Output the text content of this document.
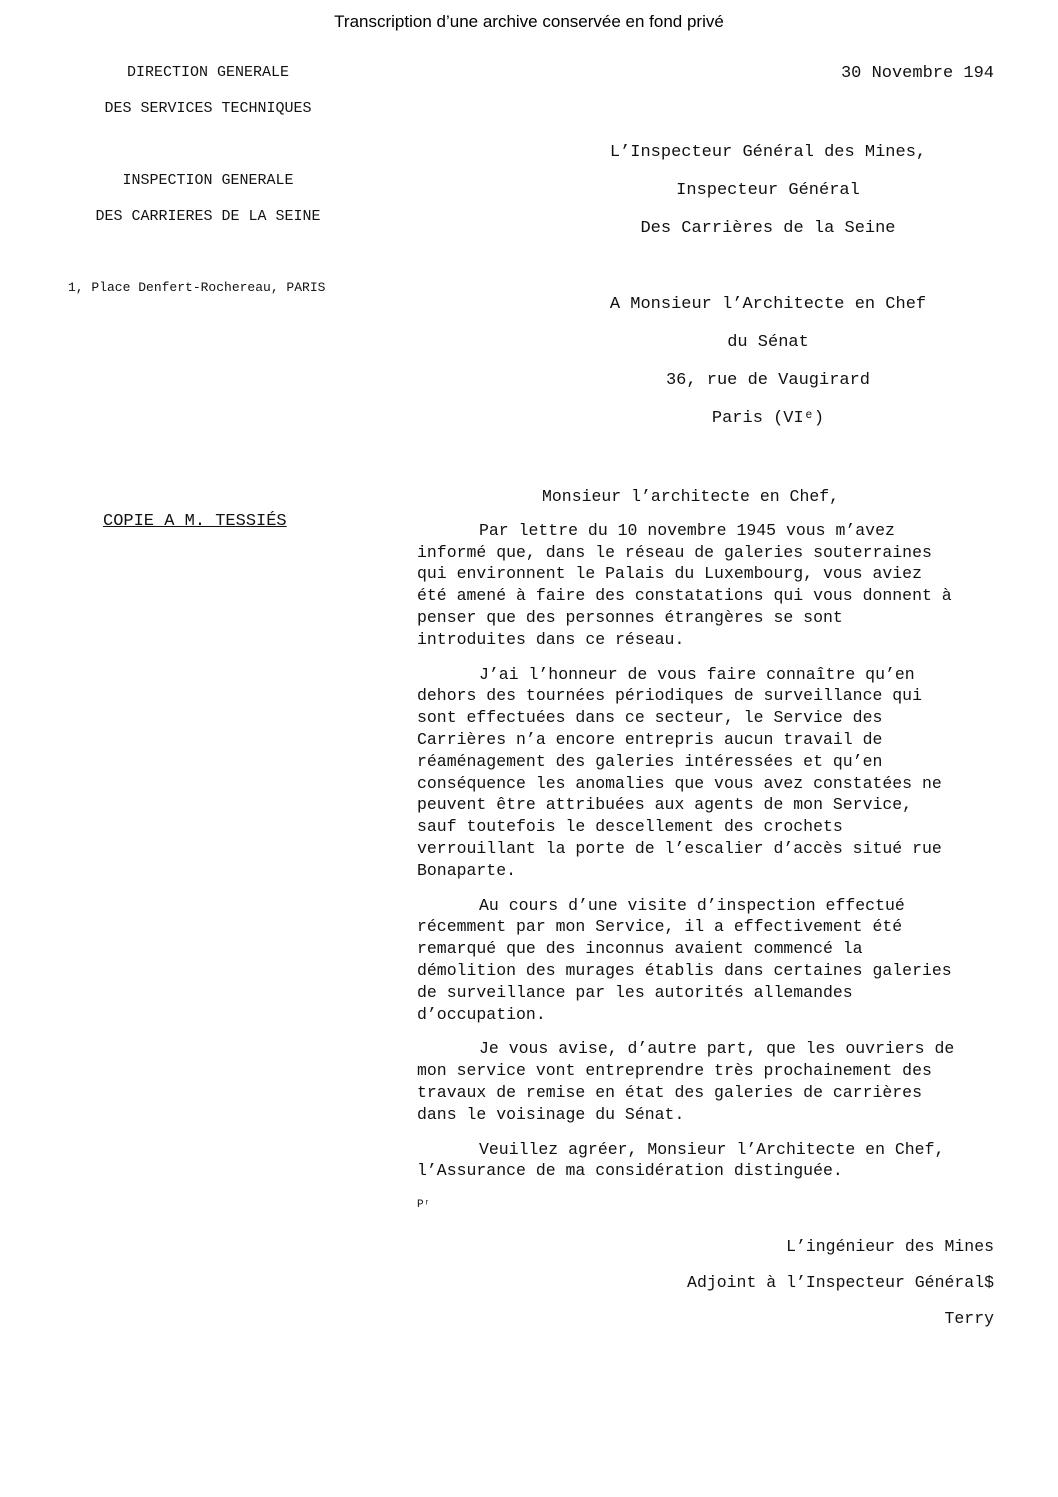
Transcription d’une archive conservée en fond privé
DIRECTION GENERALE
DES SERVICES TECHNIQUES
INSPECTION GENERALE
DES CARRIERES DE LA SEINE
1, Place Denfert-Rochereau, PARIS
30 Novembre 194
L’Inspecteur Général des Mines,
Inspecteur Général
Des Carrières de la Seine
A Monsieur l’Architecte en Chef
du Sénat
36, rue de Vaugirard
Paris (VIᵉ)
COPIE A M. TESSIÉS
Monsieur l’architecte en Chef,

Par lettre du 10 novembre 1945 vous m’avez
informé que, dans le réseau de galeries souterraines
qui environnent le Palais du Luxembourg, vous aviez
été amené à faire des constatations qui vous donnent à
penser que des personnes étrangères se sont
introduites dans ce réseau.

J’ai l’honneur de vous faire connaître qu’en
dehors des tournées périodiques de surveillance qui
sont effectuées dans ce secteur, le Service des
Carrières n’a encore entrepris aucun travail de
réaménagement des galeries intéressées et qu’en
conséquence les anomalies que vous avez constatées ne
peuvent être attribuées aux agents de mon Service,
sauf toutefois le descellement des crochets
verrouillant la porte de l’escalier d’accès situé rue
Bonaparte.

Au cours d’une visite d’inspection effectué
récemment par mon Service, il a effectivement été
remarqué que des inconnus avaient commencé la
démolition des murages établis dans certaines galeries
de surveillance par les autorités allemandes
d’occupation.

Je vous avise, d’autre part, que les ouvriers de
mon service vont entreprendre très prochainement des
travaux de remise en état des galeries de carrières
dans le voisinage du Sénat.

Veuillez agréer, Monsieur l’Architecte en Chef,
l’Assurance de ma considération distinguée.

Pʳ
L’ingénieur des Mines
Adjoint à l’Inspecteur Général$
Terry
